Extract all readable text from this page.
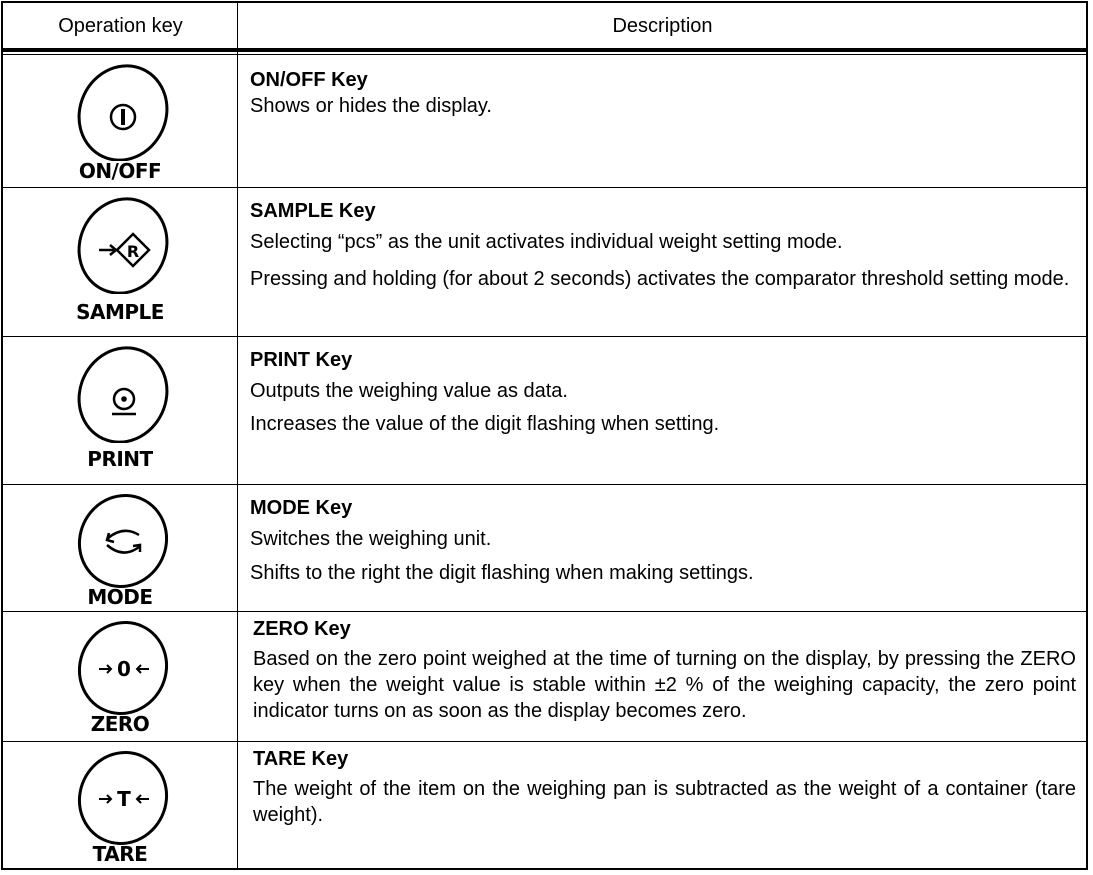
Operation key	Description
ON/OFF
ON/OFF Key

Shows or hides the display.

R
SAMPLE
SAMPLE Key

Selecting “pcs” as the unit activates individual weight setting mode.

Pressing and holding (for about 2 seconds) activates the comparator threshold setting mode.

PRINT
PRINT Key

Outputs the weighing value as data.

Increases the value of the digit flashing when setting.

MODE
MODE Key

Switches the weighing unit.

Shifts to the right the digit flashing when making settings.

0
ZERO
ZERO Key

Based on the zero point weighed at the time of turning on the display, by pressing the ZERO key when the weight value is stable within ±2 % of the weighing capacity, the zero point indicator turns on as soon as the display becomes zero.

T
TARE
TARE Key

The weight of the item on the weighing pan is subtracted as the weight of a container (tare weight).
